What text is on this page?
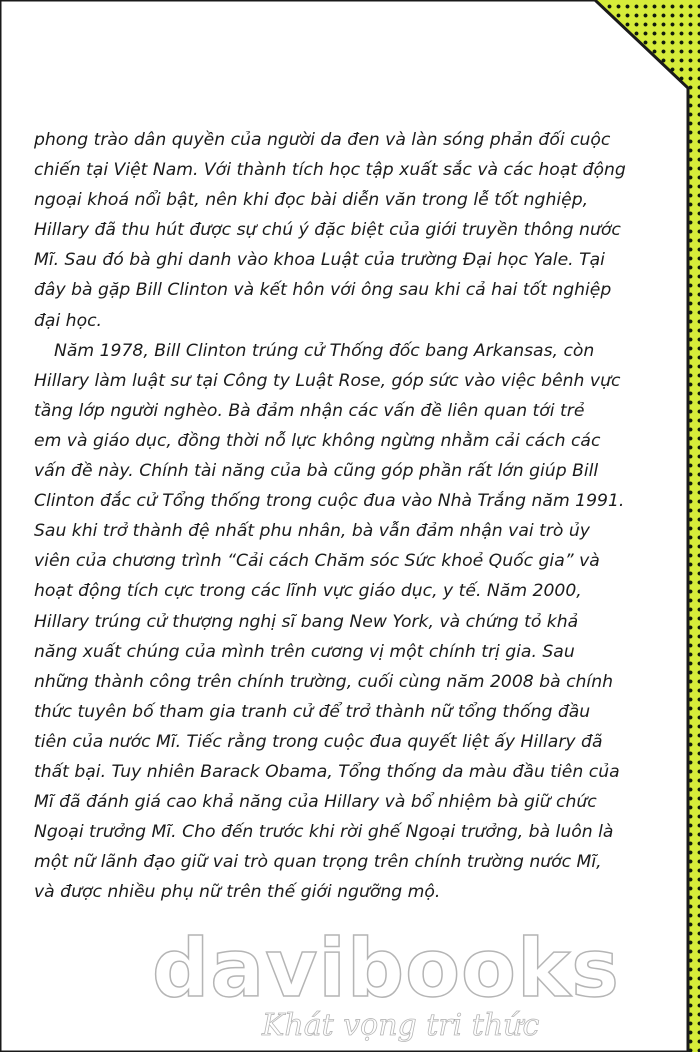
phong trào dân quyền của người da đen và làn sóng phản đối cuộc
chiến tại Việt Nam. Với thành tích học tập xuất sắc và các hoạt động
ngoại khoá nổi bật, nên khi đọc bài diễn văn trong lễ tốt nghiệp,
Hillary đã thu hút được sự chú ý đặc biệt của giới truyền thông nước
Mĩ. Sau đó bà ghi danh vào khoa Luật của trường Đại học Yale. Tại
đây bà gặp Bill Clinton và kết hôn với ông sau khi cả hai tốt nghiệp
đại học.
Năm 1978, Bill Clinton trúng cử Thống đốc bang Arkansas, còn
Hillary làm luật sư tại Công ty Luật Rose, góp sức vào việc bênh vực
tầng lớp người nghèo. Bà đảm nhận các vấn đề liên quan tới trẻ
em và giáo dục, đồng thời nỗ lực không ngừng nhằm cải cách các
vấn đề này. Chính tài năng của bà cũng góp phần rất lớn giúp Bill
Clinton đắc cử Tổng thống trong cuộc đua vào Nhà Trắng năm 1991.
Sau khi trở thành đệ nhất phu nhân, bà vẫn đảm nhận vai trò ủy
viên của chương trình “Cải cách Chăm sóc Sức khoẻ Quốc gia” và
hoạt động tích cực trong các lĩnh vực giáo dục, y tế. Năm 2000,
Hillary trúng cử thượng nghị sĩ bang New York, và chứng tỏ khả
năng xuất chúng của mình trên cương vị một chính trị gia. Sau
những thành công trên chính trường, cuối cùng năm 2008 bà chính
thức tuyên bố tham gia tranh cử để trở thành nữ tổng thống đầu
tiên của nước Mĩ. Tiếc rằng trong cuộc đua quyết liệt ấy Hillary đã
thất bại. Tuy nhiên Barack Obama, Tổng thống da màu đầu tiên của
Mĩ đã đánh giá cao khả năng của Hillary và bổ nhiệm bà giữ chức
Ngoại trưởng Mĩ. Cho đến trước khi rời ghế Ngoại trưởng, bà luôn là
một nữ lãnh đạo giữ vai trò quan trọng trên chính trường nước Mĩ,
và được nhiều phụ nữ trên thế giới ngưỡng mộ.
davibooks
Khát vọng tri thức
